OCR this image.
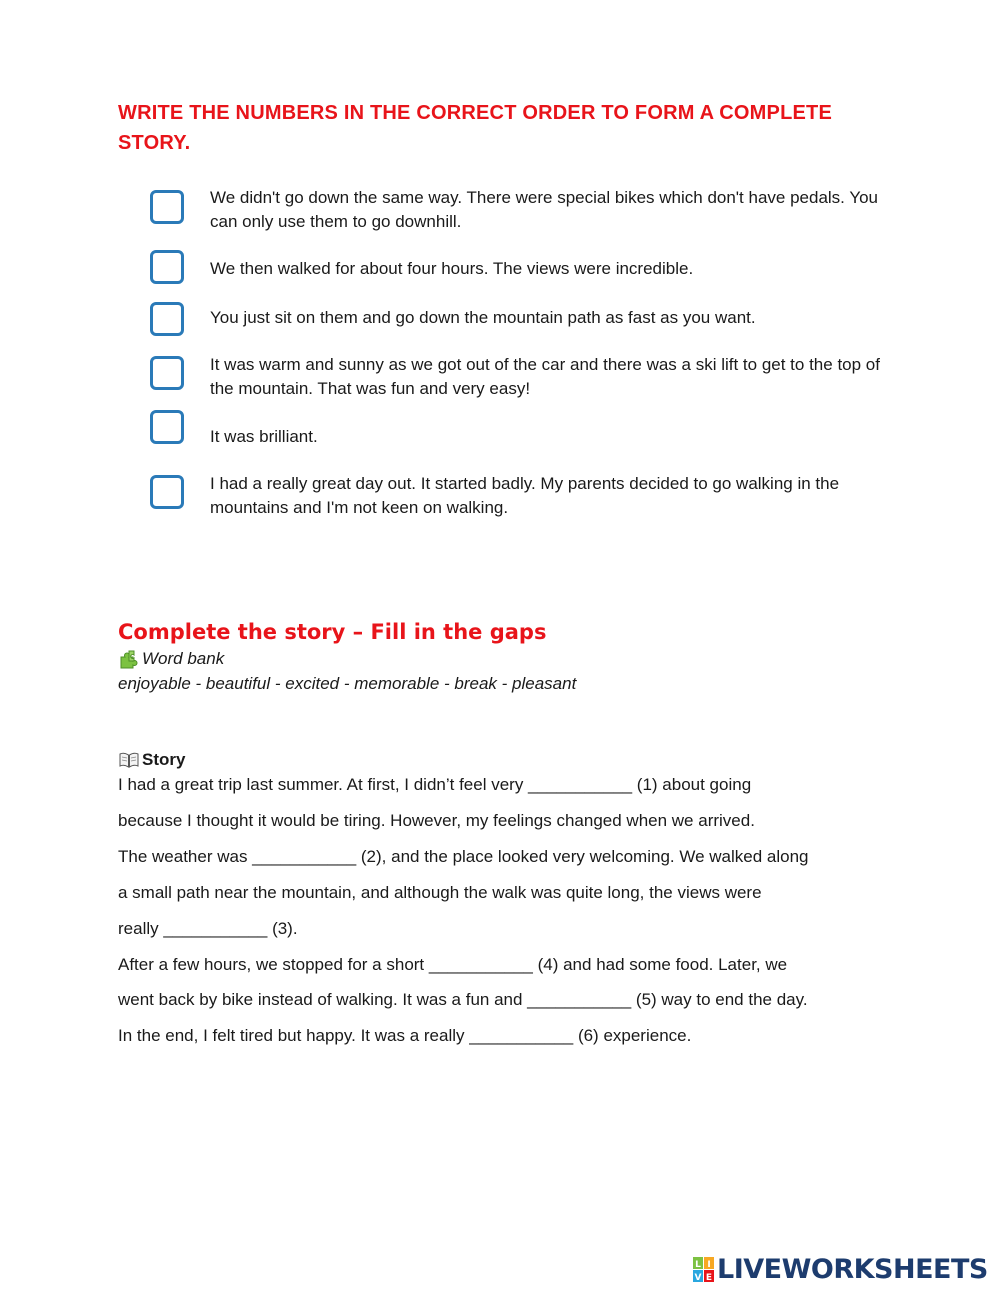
WRITE THE NUMBERS IN THE CORRECT ORDER TO FORM A COMPLETE STORY.
We didn't go down the same way. There were special bikes which don't have pedals. You can only use them to go downhill.
We then walked for about four hours. The views were incredible.
You just sit on them and go down the mountain path as fast as you want.
It was warm and sunny as we got out of the car and there was a ski lift to get to the top of the mountain. That was fun and very easy!
It was brilliant.
I had a really great day out. It started badly. My parents decided to go walking in the mountains and I'm not keen on walking.
Complete the story – Fill in the gaps
Word bank
enjoyable - beautiful - excited - memorable - break - pleasant
Story
I had a great trip last summer. At first, I didn’t feel very ___________ (1) about going
because I thought it would be tiring. However, my feelings changed when we arrived.
The weather was ___________ (2), and the place looked very welcoming. We walked along
a small path near the mountain, and although the walk was quite long, the views were
really ___________ (3).
After a few hours, we stopped for a short ___________ (4) and had some food. Later, we
went back by bike instead of walking. It was a fun and ___________ (5) way to end the day.
In the end, I felt tired but happy. It was a really ___________ (6) experience.
L I
V E LIVEWORKSHEETS
